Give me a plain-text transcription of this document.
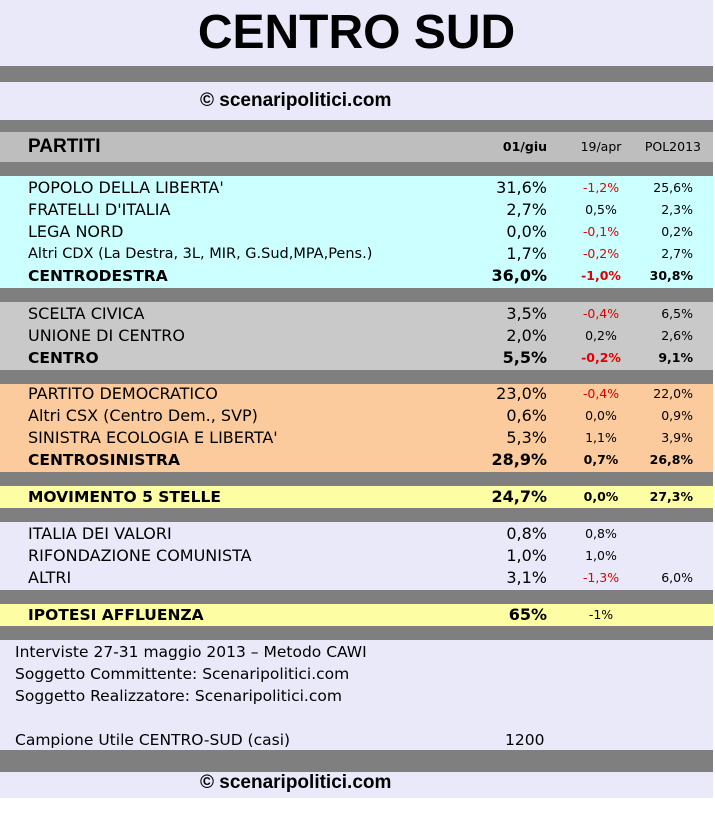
CENTRO SUD
© scenaripolitici.com
PARTITI	01/giu	19/apr	POL2013
POPOLO DELLA LIBERTA'	31,6%	-1,2%	25,6%
FRATELLI D'ITALIA	2,7%	0,5%	2,3%
LEGA NORD	0,0%	-0,1%	0,2%
Altri CDX (La Destra, 3L, MIR, G.Sud,MPA,Pens.)	1,7%	-0,2%	2,7%
CENTRODESTRA	36,0%	-1,0%	30,8%
SCELTA CIVICA	3,5%	-0,4%	6,5%
UNIONE DI CENTRO	2,0%	0,2%	2,6%
CENTRO	5,5%	-0,2%	9,1%
PARTITO DEMOCRATICO	23,0%	-0,4%	22,0%
Altri CSX (Centro Dem., SVP)	0,6%	0,0%	0,9%
SINISTRA ECOLOGIA E LIBERTA'	5,3%	1,1%	3,9%
CENTROSINISTRA	28,9%	0,7%	26,8%
MOVIMENTO 5 STELLE	24,7%	0,0%	27,3%
ITALIA DEI VALORI	0,8%	0,8%
RIFONDAZIONE COMUNISTA	1,0%	1,0%
ALTRI	3,1%	-1,3%	6,0%
IPOTESI AFFLUENZA	65%	-1%
Interviste 27-31 maggio 2013 – Metodo CAWI
Soggetto Committente: Scenaripolitici.com
Soggetto Realizzatore: Scenaripolitici.com
Campione Utile CENTRO-SUD (casi)	1200
© scenaripolitici.com
